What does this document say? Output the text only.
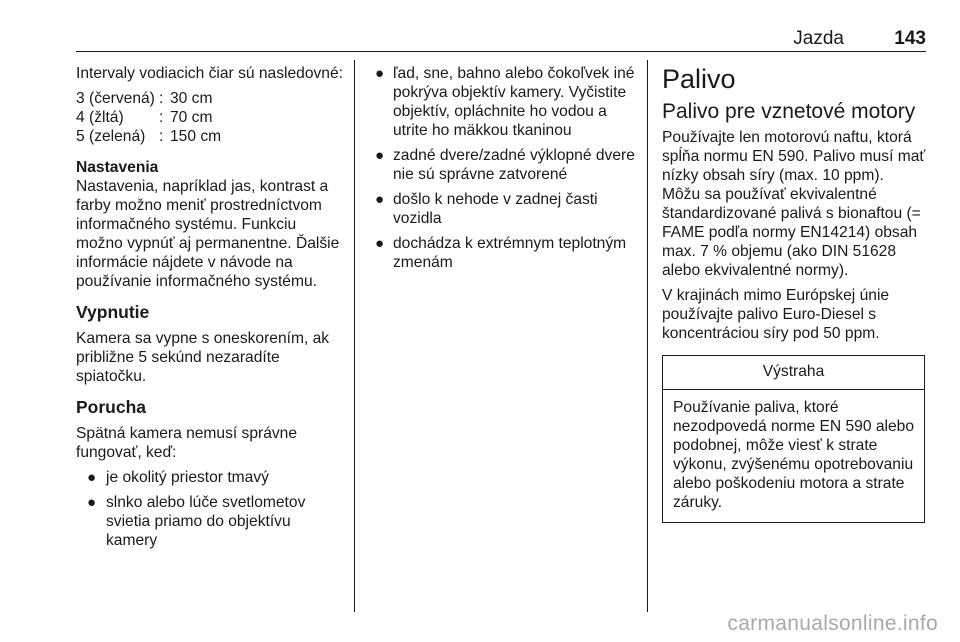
Jazda	143

Intervaly vodiacich čiar sú nasledovné:

3 (červená)	:	30 cm
4 (žltá)	:	70 cm
5 (zelená)	:	150 cm

Nastavenia

Nastavenia, napríklad jas, kontrast a farby možno meniť prostredníctvom informačného systému. Funkciu možno vypnúť aj permanentne. Ďalšie informácie nájdete v návode na používanie informačného systému.

Vypnutie

Kamera sa vypne s oneskorením, ak približne 5 sekúnd nezaradíte spiatočku.

Porucha

Spätná kamera nemusí správne fungovať, keď:

● je okolitý priestor tmavý
● slnko alebo lúče svetlometov svietia priamo do objektívu kamery
● ľad, sne, bahno alebo čokoľvek iné pokrýva objektív kamery. Vyčistite objektív, opláchnite ho vodou a utrite ho mäkkou tkaninou
● zadné dvere/zadné výklopné dvere nie sú správne zatvorené
● došlo k nehode v zadnej časti vozidla
● dochádza k extrémnym teplotným zmenám

Palivo

Palivo pre vznetové motory

Používajte len motorovú naftu, ktorá spĺňa normu EN 590. Palivo musí mať nízky obsah síry (max. 10 ppm). Môžu sa používať ekvivalentné štandardizované palivá s bionaftou (= FAME podľa normy EN14214) obsah max. 7 % objemu (ako DIN 51628 alebo ekvivalentné normy).

V krajinách mimo Európskej únie používajte palivo Euro-Diesel s koncentráciou síry pod 50 ppm.

Výstraha
Používanie paliva, ktoré nezodpovedá norme EN 590 alebo podobnej, môže viesť k strate výkonu, zvýšenému opotrebovaniu alebo poškodeniu motora a strate záruky.
carmanualsonline.info
